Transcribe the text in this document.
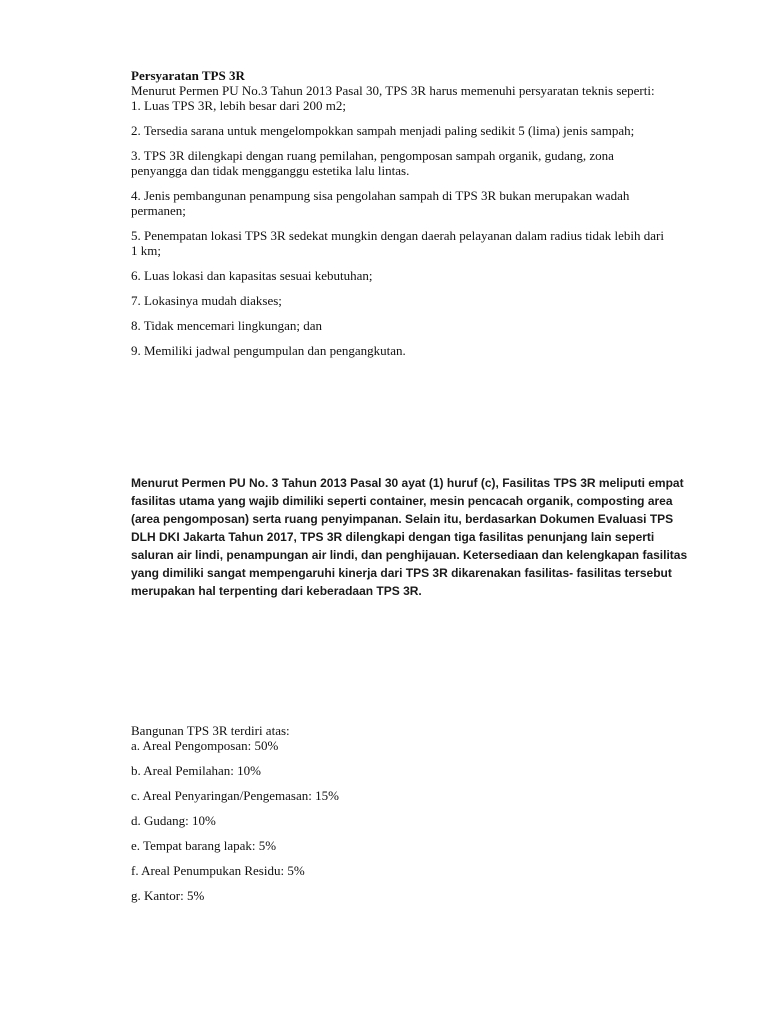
Persyaratan TPS 3R

Menurut Permen PU No.3 Tahun 2013 Pasal 30, TPS 3R harus memenuhi persyaratan teknis seperti:

1. Luas TPS 3R, lebih besar dari 200 m2;
2. Tersedia sarana untuk mengelompokkan sampah menjadi paling sedikit 5 (lima) jenis sampah;
3. TPS 3R dilengkapi dengan ruang pemilahan, pengomposan sampah organik, gudang, zona penyangga dan tidak mengganggu estetika lalu lintas.
4. Jenis pembangunan penampung sisa pengolahan sampah di TPS 3R bukan merupakan wadah permanen;
5. Penempatan lokasi TPS 3R sedekat mungkin dengan daerah pelayanan dalam radius tidak lebih dari 1 km;
6. Luas lokasi dan kapasitas sesuai kebutuhan;
7. Lokasinya mudah diakses;
8. Tidak mencemari lingkungan; dan
9. Memiliki jadwal pengumpulan dan pengangkutan.

Menurut Permen PU No. 3 Tahun 2013 Pasal 30 ayat (1) huruf (c), Fasilitas TPS 3R meliputi empat fasilitas utama yang wajib dimiliki seperti container, mesin pencacah organik, composting area (area pengomposan) serta ruang penyimpanan. Selain itu, berdasarkan Dokumen Evaluasi TPS DLH DKI Jakarta Tahun 2017, TPS 3R dilengkapi dengan tiga fasilitas penunjang lain seperti saluran air lindi, penampungan air lindi, dan penghijauan. Ketersediaan dan kelengkapan fasilitas yang dimiliki sangat mempengaruhi kinerja dari TPS 3R dikarenakan fasilitas- fasilitas tersebut merupakan hal terpenting dari keberadaan TPS 3R.

Bangunan TPS 3R terdiri atas:

a. Areal Pengomposan: 50%
b. Areal Pemilahan: 10%
c. Areal Penyaringan/Pengemasan: 15%
d. Gudang: 10%
e. Tempat barang lapak: 5%
f. Areal Penumpukan Residu: 5%
g. Kantor: 5%
